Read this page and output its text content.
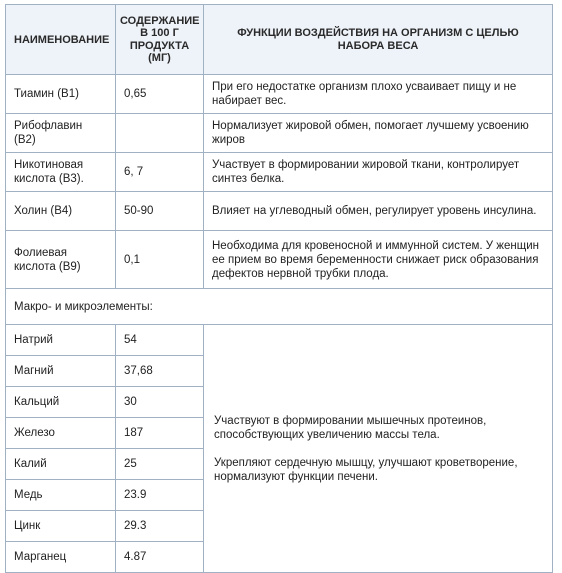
НАИМЕНОВАНИЕ	СОДЕРЖАНИЕ В 100 Г ПРОДУКТА (МГ)	ФУНКЦИИ ВОЗДЕЙСТВИЯ НА ОРГАНИЗМ С ЦЕЛЬЮ НАБОРА ВЕСА
Тиамин (В1)	0,65	При его недостатке организм плохо усваивает пищу и не набирает вес.
Рибофлавин (В2)		Нормализует жировой обмен, помогает лучшему усвоению жиров
Никотиновая кислота (В3).	6, 7	Участвует в формировании жировой ткани, контролирует синтез белка.
Холин (В4)	50-90	Влияет на углеводный обмен, регулирует уровень инсулина.
Фолиевая кислота (В9)	0,1	Необходима для кровеносной и иммунной систем. У женщин ее прием во время беременности снижает риск образования дефектов нервной трубки плода.
Макро- и микроэлементы:		
Натрий	54	Участвуют в формировании мышечных протеинов, способствующих увеличению массы тела.
Укрепляют сердечную мышцу, улучшают кроветворение, нормализуют функции печени.

Магний	37,68	
Кальций	30	
Железо	187	
Калий	25	
Медь	23.9	
Цинк	29.3	
Марганец	4.87	
